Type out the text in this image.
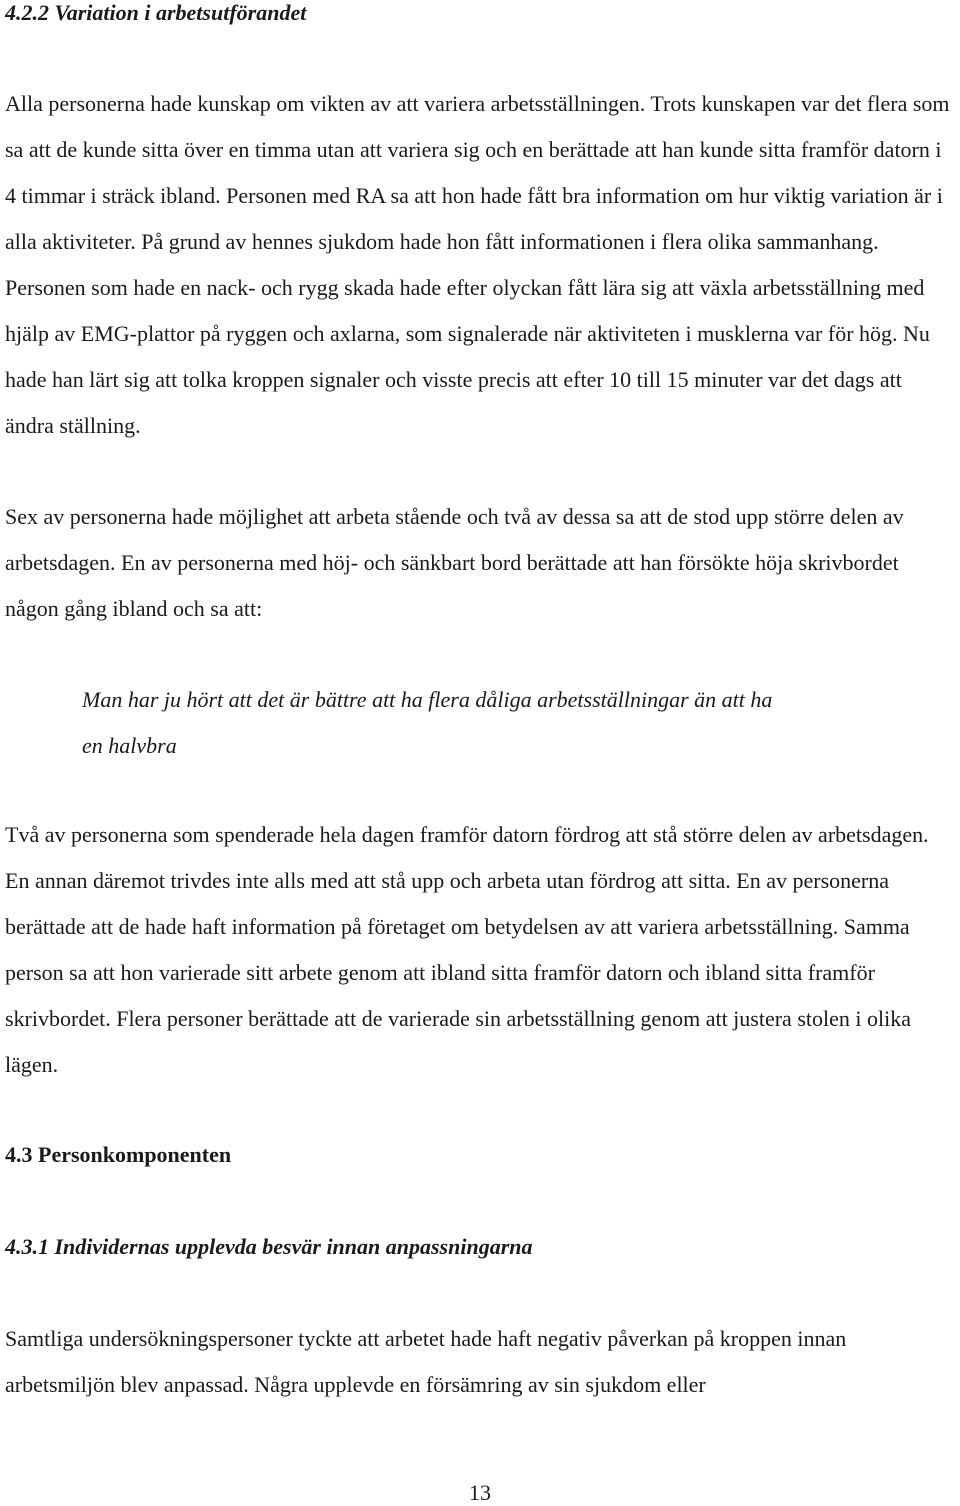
4.2.2 Variation i arbetsutförandet

Alla personerna hade kunskap om vikten av att variera arbetsställningen. Trots kunskapen var det flera som sa att de kunde sitta över en timma utan att variera sig och en berättade att han kunde sitta framför datorn i 4 timmar i sträck ibland. Personen med RA sa att hon hade fått bra information om hur viktig variation är i alla aktiviteter. På grund av hennes sjukdom hade hon fått informationen i flera olika sammanhang. Personen som hade en nack- och rygg skada hade efter olyckan fått lära sig att växla arbetsställning med hjälp av EMG-plattor på ryggen och axlarna, som signalerade när aktiviteten i musklerna var för hög. Nu hade han lärt sig att tolka kroppen signaler och visste precis att efter 10 till 15 minuter var det dags att ändra ställning.

Sex av personerna hade möjlighet att arbeta stående och två av dessa sa att de stod upp större delen av arbetsdagen. En av personerna med höj- och sänkbart bord berättade att han försökte höja skrivbordet någon gång ibland och sa att:

Man har ju hört att det är bättre att ha flera dåliga arbetsställningar än att ha en halvbra

Två av personerna som spenderade hela dagen framför datorn fördrog att stå större delen av arbetsdagen. En annan däremot trivdes inte alls med att stå upp och arbeta utan fördrog att sitta. En av personerna berättade att de hade haft information på företaget om betydelsen av att variera arbetsställning. Samma person sa att hon varierade sitt arbete genom att ibland sitta framför datorn och ibland sitta framför skrivbordet. Flera personer berättade att de varierade sin arbetsställning genom att justera stolen i olika lägen.

4.3 Personkomponenten
4.3.1 Individernas upplevda besvär innan anpassningarna

Samtliga undersökningspersoner tyckte att arbetet hade haft negativ påverkan på kroppen innan arbetsmiljön blev anpassad. Några upplevde en försämring av sin sjukdom eller

13
